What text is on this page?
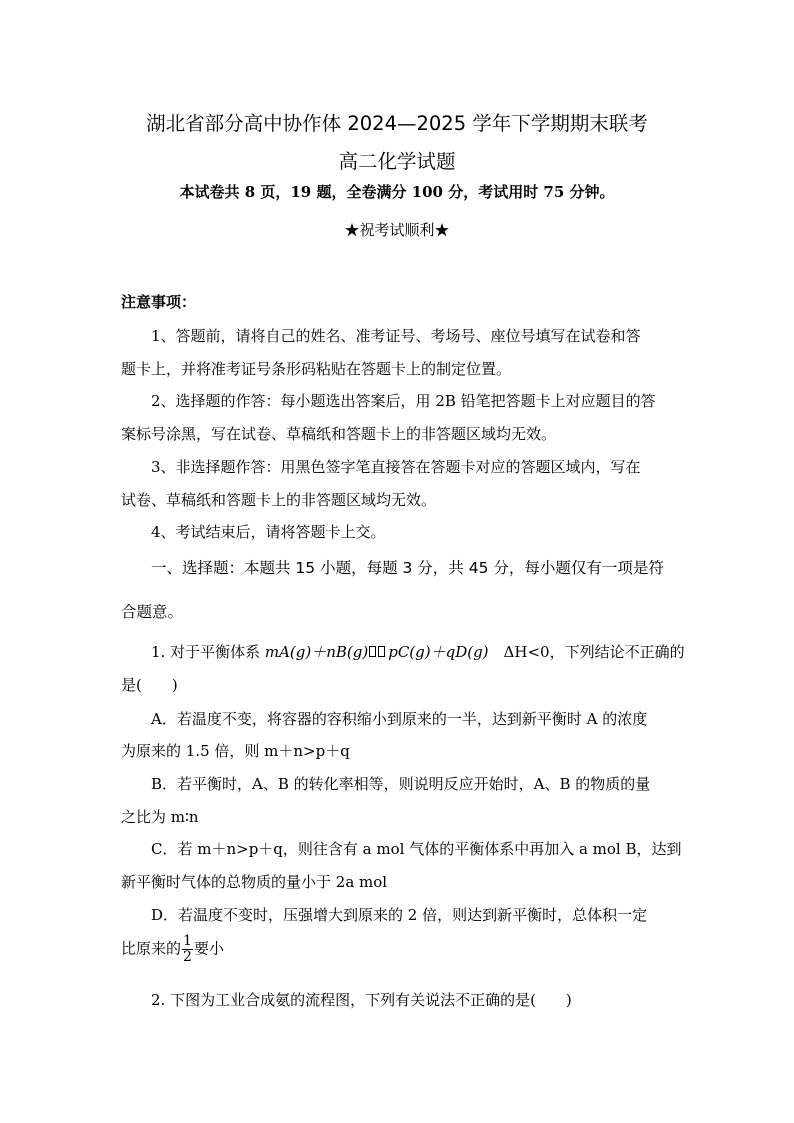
湖北省部分高中协作体 2024—2025 学年下学期期末联考
高二化学试题
本试卷共 8 页，19 题，全卷满分 100 分，考试用时 75 分钟。
★祝考试顺利★
注意事项：
1、答题前，请将自己的姓名、准考证号、考场号、座位号填写在试卷和答
题卡上，并将准考证号条形码粘贴在答题卡上的制定位置。
2、选择题的作答：每小题选出答案后，用 2B 铅笔把答题卡上对应题目的答
案标号涂黑，写在试卷、草稿纸和答题卡上的非答题区域均无效。
3、非选择题作答：用黑色签字笔直接答在答题卡对应的答题区域内，写在
试卷、草稿纸和答题卡上的非答题区域均无效。
4、考试结束后，请将答题卡上交。
一、选择题：本题共 15 小题，每题 3 分，共 45 分，每小题仅有一项是符
合题意。
1. 对于平衡体系 mA(g)＋nB(g) pC(g)＋qD(g)　ΔH<0，下列结论不正确的
是(　　)
A．若温度不变，将容器的容积缩小到原来的一半，达到新平衡时 A 的浓度
为原来的 1.5 倍，则 m＋n>p＋q
B．若平衡时，A、B 的转化率相等，则说明反应开始时，A、B 的物质的量
之比为 m∶n
C．若 m＋n>p＋q，则往含有 a mol 气体的平衡体系中再加入 a mol B，达到
新平衡时气体的总物质的量小于 2a mol
D．若温度不变时，压强增大到原来的 2 倍，则达到新平衡时，总体积一定
比原来的 $\frac{1}{2}$ 要小
2. 下图为工业合成氨的流程图，下列有关说法不正确的是(　　)
